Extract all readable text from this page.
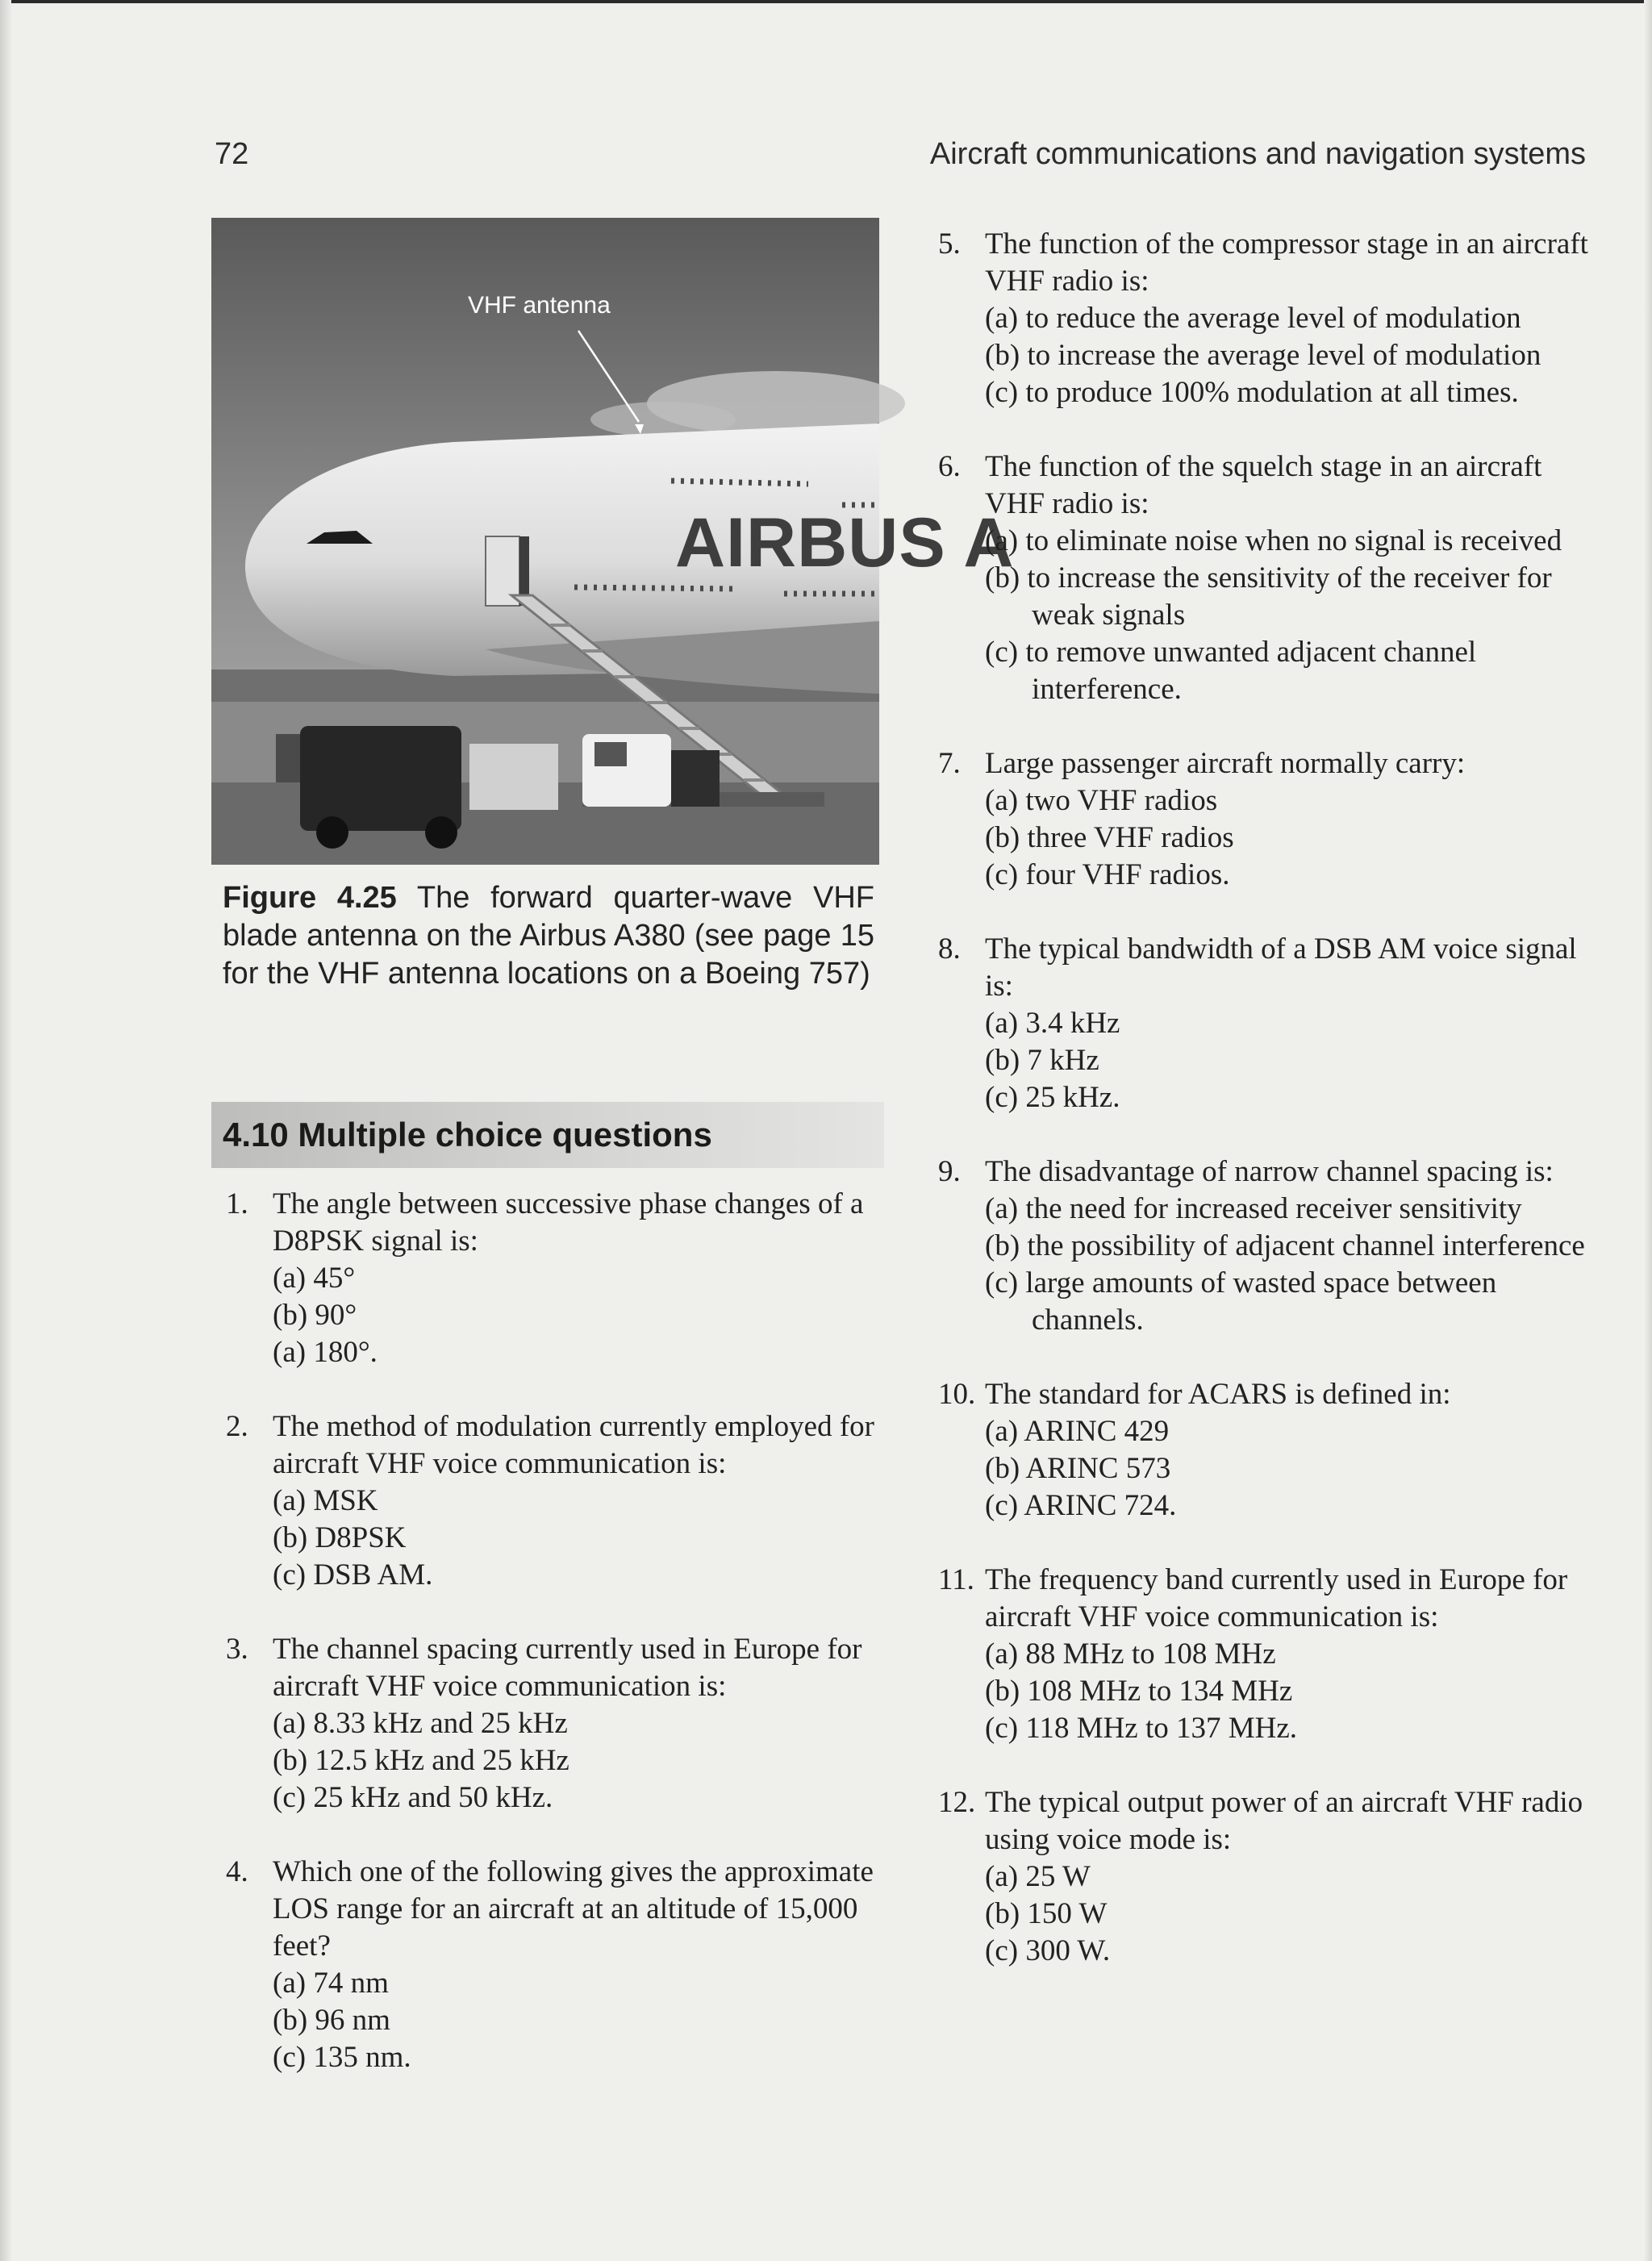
72	Aircraft communications and navigation systems
AIRBUS A
VHF antenna
Figure 4.25 The forward quarter-wave VHF blade antenna on the Airbus A380 (see page 15 for the VHF antenna locations on a Boeing 757)
4.10 Multiple choice questions
1. The angle between successive phase changes of a D8PSK signal is:
(a) 45°
(b) 90°
(a) 180°.
2. The method of modulation currently employed for aircraft VHF voice communication is:
(a) MSK
(b) D8PSK
(c) DSB AM.
3. The channel spacing currently used in Europe for aircraft VHF voice communication is:
(a) 8.33 kHz and 25 kHz
(b) 12.5 kHz and 25 kHz
(c) 25 kHz and 50 kHz.
4. Which one of the following gives the approximate LOS range for an aircraft at an altitude of 15,000 feet?
(a) 74 nm
(b) 96 nm
(c) 135 nm.
5. The function of the compressor stage in an aircraft VHF radio is:
(a) to reduce the average level of modulation
(b) to increase the average level of modulation
(c) to produce 100% modulation at all times.
6. The function of the squelch stage in an aircraft VHF radio is:
(a) to eliminate noise when no signal is received
(b) to increase the sensitivity of the receiver for weak signals
(c) to remove unwanted adjacent channel interference.
7. Large passenger aircraft normally carry:
(a) two VHF radios
(b) three VHF radios
(c) four VHF radios.
8. The typical bandwidth of a DSB AM voice signal is:
(a) 3.4 kHz
(b) 7 kHz
(c) 25 kHz.
9. The disadvantage of narrow channel spacing is:
(a) the need for increased receiver sensitivity
(b) the possibility of adjacent channel interference
(c) large amounts of wasted space between channels.
10. The standard for ACARS is defined in:
(a) ARINC 429
(b) ARINC 573
(c) ARINC 724.
11. The frequency band currently used in Europe for aircraft VHF voice communication is:
(a) 88 MHz to 108 MHz
(b) 108 MHz to 134 MHz
(c) 118 MHz to 137 MHz.
12. The typical output power of an aircraft VHF radio using voice mode is:
(a) 25 W
(b) 150 W
(c) 300 W.
